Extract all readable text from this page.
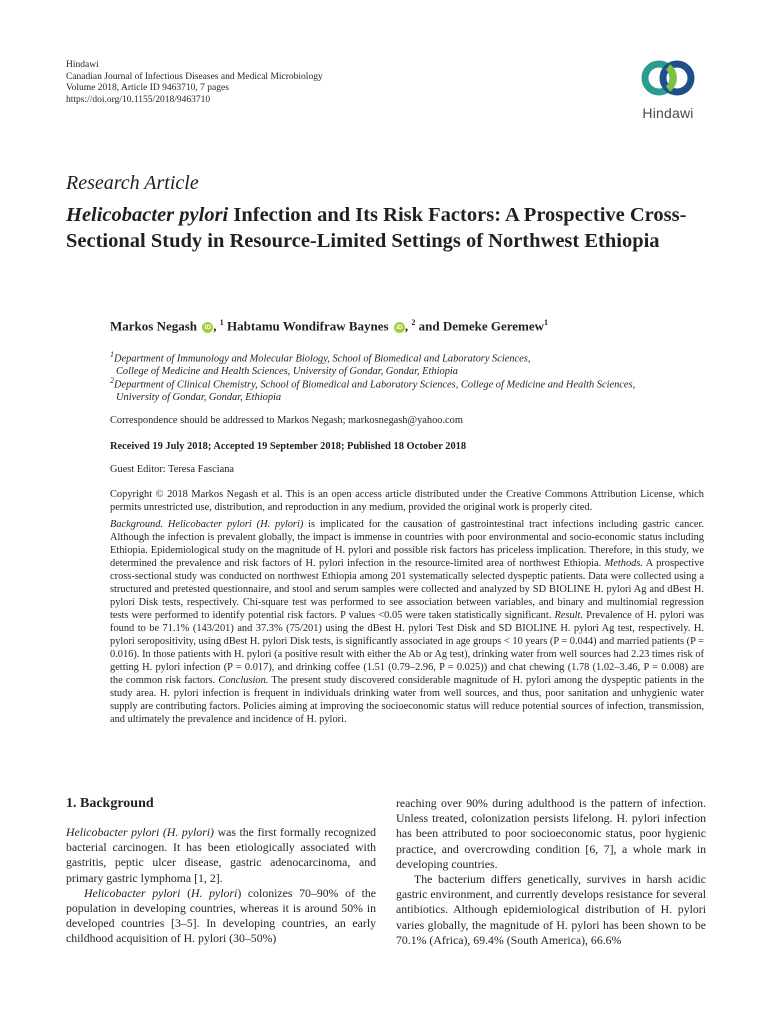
Hindawi
Canadian Journal of Infectious Diseases and Medical Microbiology
Volume 2018, Article ID 9463710, 7 pages
https://doi.org/10.1155/2018/9463710
Hindawi
Research Article
Helicobacter pylori Infection and Its Risk Factors: A Prospective Cross-Sectional Study in Resource-Limited Settings of Northwest Ethiopia
Markos Negash iD , $^1$ Habtamu Wondifraw Baynes iD , $^2$ and Demeke Geremew$^1$
$^1$Department of Immunology and Molecular Biology, School of Biomedical and Laboratory Sciences,
College of Medicine and Health Sciences, University of Gondar, Gondar, Ethiopia
$^2$Department of Clinical Chemistry, School of Biomedical and Laboratory Sciences, College of Medicine and Health Sciences,
University of Gondar, Gondar, Ethiopia
Correspondence should be addressed to Markos Negash; markosnegash@yahoo.com
Received 19 July 2018; Accepted 19 September 2018; Published 18 October 2018
Guest Editor: Teresa Fasciana
Copyright © 2018 Markos Negash et al. This is an open access article distributed under the Creative Commons Attribution License, which permits unrestricted use, distribution, and reproduction in any medium, provided the original work is properly cited.
Background. Helicobacter pylori (H. pylori) is implicated for the causation of gastrointestinal tract infections including gastric cancer. Although the infection is prevalent globally, the impact is immense in countries with poor environmental and socio-economic status including Ethiopia. Epidemiological study on the magnitude of H. pylori and possible risk factors has priceless implication. Therefore, in this study, we determined the prevalence and risk factors of H. pylori infection in the resource-limited area of northwest Ethiopia. Methods. A prospective cross-sectional study was conducted on northwest Ethiopia among 201 systematically selected dyspeptic patients. Data were collected using a structured and pretested questionnaire, and stool and serum samples were collected and analyzed by SD BIOLINE H. pylori Ag and dBest H. pylori Disk tests, respectively. Chi-square test was performed to see association between variables, and binary and multinomial regression tests were performed to identify potential risk factors. P values <0.05 were taken statistically significant. Result. Prevalence of H. pylori was found to be 71.1% (143/201) and 37.3% (75/201) using the dBest H. pylori Test Disk and SD BIOLINE H. pylori Ag test, respectively. H. pylori seropositivity, using dBest H. pylori Disk tests, is significantly associated in age groups < 10 years (P = 0.044) and married patients (P = 0.016). In those patients with H. pylori (a positive result with either the Ab or Ag test), drinking water from well sources had 2.23 times risk of getting H. pylori infection (P = 0.017), and drinking coffee (1.51 (0.79–2.96, P = 0.025)) and chat chewing (1.78 (1.02–3.46, P = 0.008) are the common risk factors. Conclusion. The present study discovered considerable magnitude of H. pylori among the dyspeptic patients in the study area. H. pylori infection is frequent in individuals drinking water from well sources, and thus, poor sanitation and unhygienic water supply are contributing factors. Policies aiming at improving the socioeconomic status will reduce potential sources of infection, transmission, and ultimately the prevalence and incidence of H. pylori.
1. Background

Helicobacter pylori (H. pylori) was the first formally recognized bacterial carcinogen. It has been etiologically associated with gastritis, peptic ulcer disease, gastric adenocarcinoma, and primary gastric lymphoma [1, 2].

Helicobacter pylori (H. pylori) colonizes 70–90% of the population in developing countries, whereas it is around 50% in developed countries [3–5]. In developing countries, an early childhood acquisition of H. pylori (30–50%)

reaching over 90% during adulthood is the pattern of infection. Unless treated, colonization persists lifelong. H. pylori infection has been attributed to poor socioeconomic status, poor hygienic practice, and overcrowding condition [6, 7], a whole mark in developing countries.

The bacterium differs genetically, survives in harsh acidic gastric environment, and currently develops resistance for several antibiotics. Although epidemiological distribution of H. pylori varies globally, the magnitude of H. pylori has been shown to be 70.1% (Africa), 69.4% (South America), 66.6%
